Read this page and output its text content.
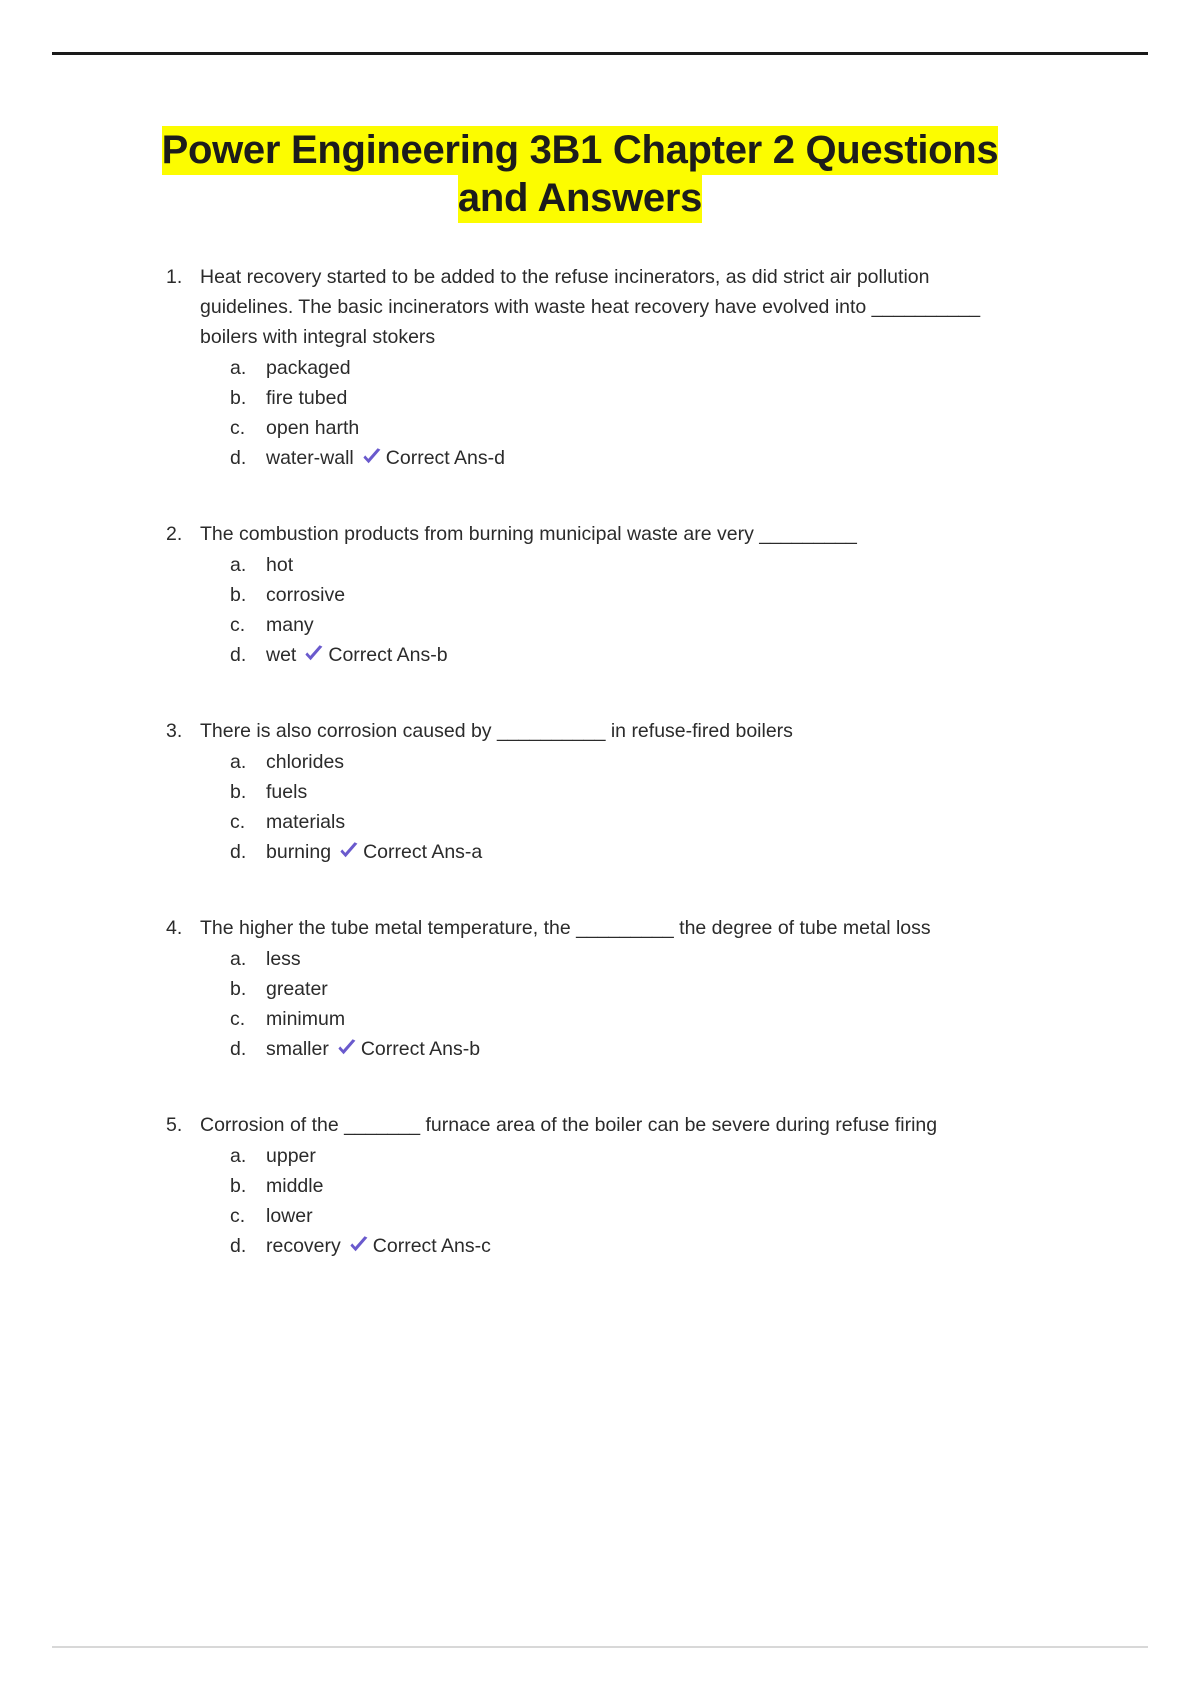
Power Engineering 3B1 Chapter 2 Questions and Answers
1. Heat recovery started to be added to the refuse incinerators, as did strict air pollution guidelines. The basic incinerators with waste heat recovery have evolved into __________ boilers with integral stokers
a.	packaged
b.	fire tubed
c.	open harth
d.	water-wall Correct Ans-d
2. The combustion products from burning municipal waste are very _________
a.	hot
b.	corrosive
c.	many
d.	wet Correct Ans-b
3. There is also corrosion caused by __________ in refuse-fired boilers
a.	chlorides
b.	fuels
c.	materials
d.	burning Correct Ans-a
4. The higher the tube metal temperature, the _________ the degree of tube metal loss
a.	less
b.	greater
c.	minimum
d.	smaller Correct Ans-b
5. Corrosion of the _______ furnace area of the boiler can be severe during refuse firing
a.	upper
b.	middle
c.	lower
d.	recovery Correct Ans-c
